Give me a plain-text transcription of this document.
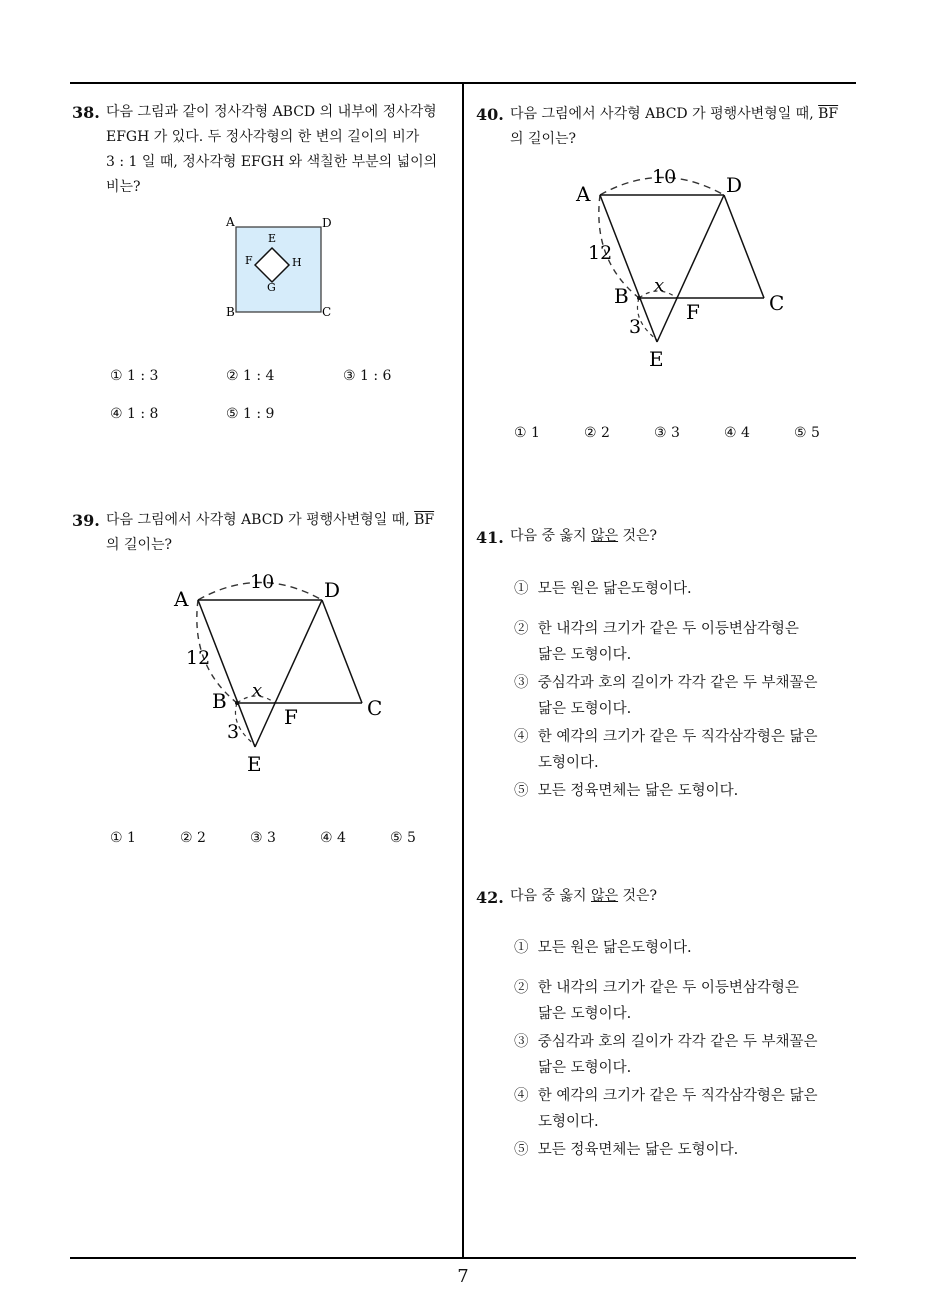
38. 다음 그림과 같이 정사각형 ABCD 의 내부에 정사각형
EFGH 가 있다. 두 정사각형의 한 변의 길이의 비가
3 : 1 일 때, 정사각형 EFGH 와 색칠한 부분의 넓이의
비는?
A	D
B	C
E
F	H
G
① 1 : 3	② 1 : 4	③ 1 : 6
④ 1 : 8	⑤ 1 : 9
39. 다음 그림에서 사각형 ABCD 가 평행사변형일 때, $\overline{BF}$
의 길이는?
A	D
B	C
F
E
10
12
3
x
① 1	② 2	③ 3	④ 4	⑤ 5
40. 다음 그림에서 사각형 ABCD 가 평행사변형일 때, $\overline{BF}$
의 길이는?
A	D
B	C
F
E
10
12
3
x
① 1	② 2	③ 3	④ 4	⑤ 5
41. 다음 중 옳지 않은 것은?
① 모든 원은 닮은도형이다.
② 한 내각의 크기가 같은 두 이등변삼각형은
닮은 도형이다.
③ 중심각과 호의 길이가 각각 같은 두 부채꼴은
닮은 도형이다.
④ 한 예각의 크기가 같은 두 직각삼각형은 닮은
도형이다.
⑤ 모든 정육면체는 닮은 도형이다.
42. 다음 중 옳지 않은 것은?
① 모든 원은 닮은도형이다.
② 한 내각의 크기가 같은 두 이등변삼각형은
닮은 도형이다.
③ 중심각과 호의 길이가 각각 같은 두 부채꼴은
닮은 도형이다.
④ 한 예각의 크기가 같은 두 직각삼각형은 닮은
도형이다.
⑤ 모든 정육면체는 닮은 도형이다.
7
